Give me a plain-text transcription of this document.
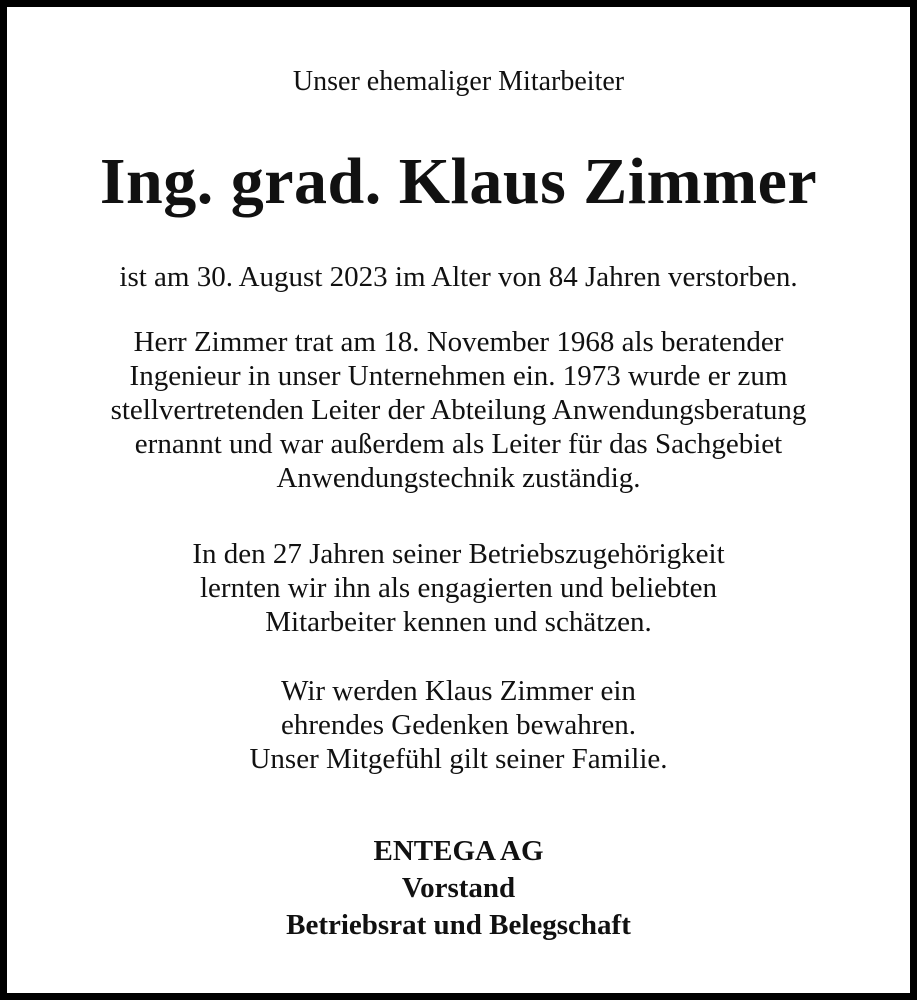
Unser ehemaliger Mitarbeiter
Ing. grad. Klaus Zimmer
ist am 30. August 2023 im Alter von 84 Jahren verstorben.
Herr Zimmer trat am 18. November 1968 als beratender
Ingenieur in unser Unternehmen ein. 1973 wurde er zum
stellvertretenden Leiter der Abteilung Anwendungsberatung
ernannt und war außerdem als Leiter für das Sachgebiet
Anwendungstechnik zuständig.
In den 27 Jahren seiner Betriebszugehörigkeit
lernten wir ihn als engagierten und beliebten
Mitarbeiter kennen und schätzen.
Wir werden Klaus Zimmer ein
ehrendes Gedenken bewahren.
Unser Mitgefühl gilt seiner Familie.
ENTEGA AG
Vorstand
Betriebsrat und Belegschaft
